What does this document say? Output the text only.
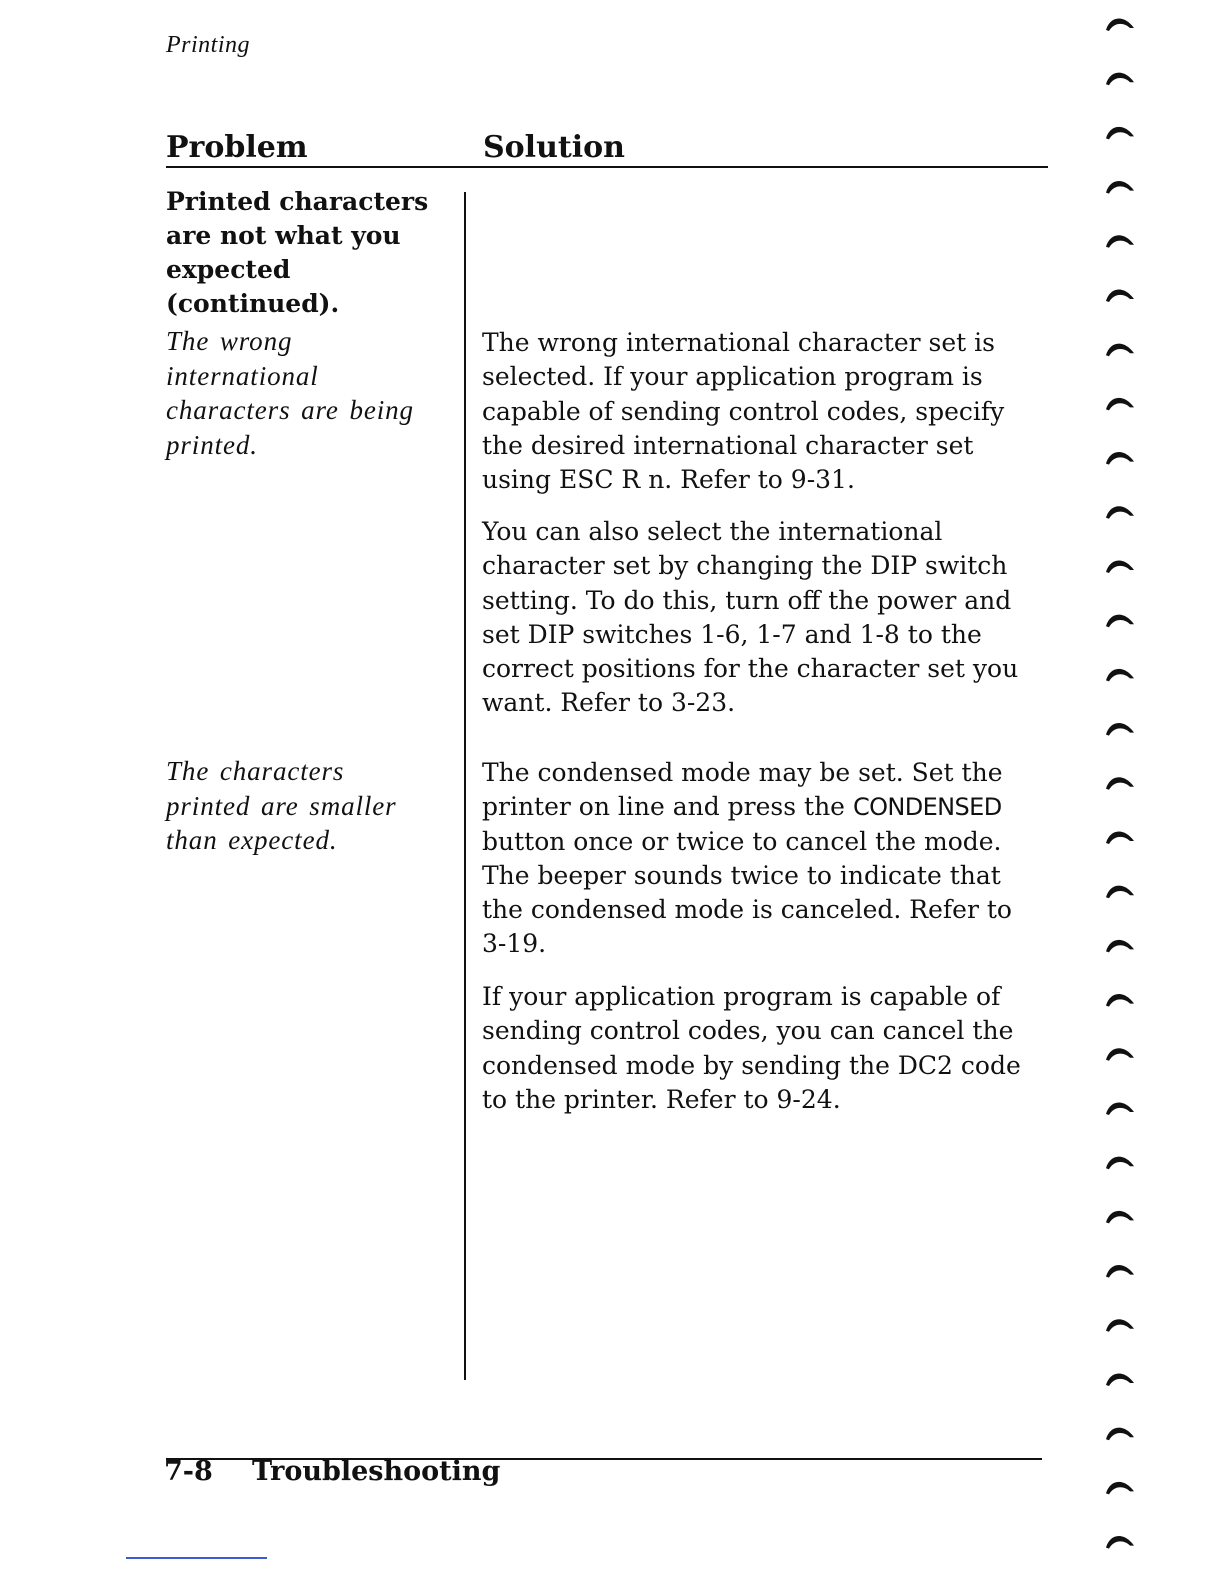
Printing
Problem	Solution
Printed characters
are not what you
expected (continued).
The wrong
international
characters are being
printed.
The characters
printed are smaller
than expected.
The wrong international character set is
selected. If your application program is
capable of sending control codes, specify
the desired international character set
using ESC R n. Refer to 9-31.
You can also select the international
character set by changing the DIP switch
setting. To do this, turn off the power and
set DIP switches 1-6, 1-7 and 1-8 to the
correct positions for the character set you
want. Refer to 3-23.
The condensed mode may be set. Set the
printer on line and press the CONDENSED
button once or twice to cancel the mode.
The beeper sounds twice to indicate that
the condensed mode is canceled. Refer to
3-19.
If your application program is capable of
sending control codes, you can cancel the
condensed mode by sending the DC2 code
to the printer. Refer to 9-24.
7-8 Troubleshooting
